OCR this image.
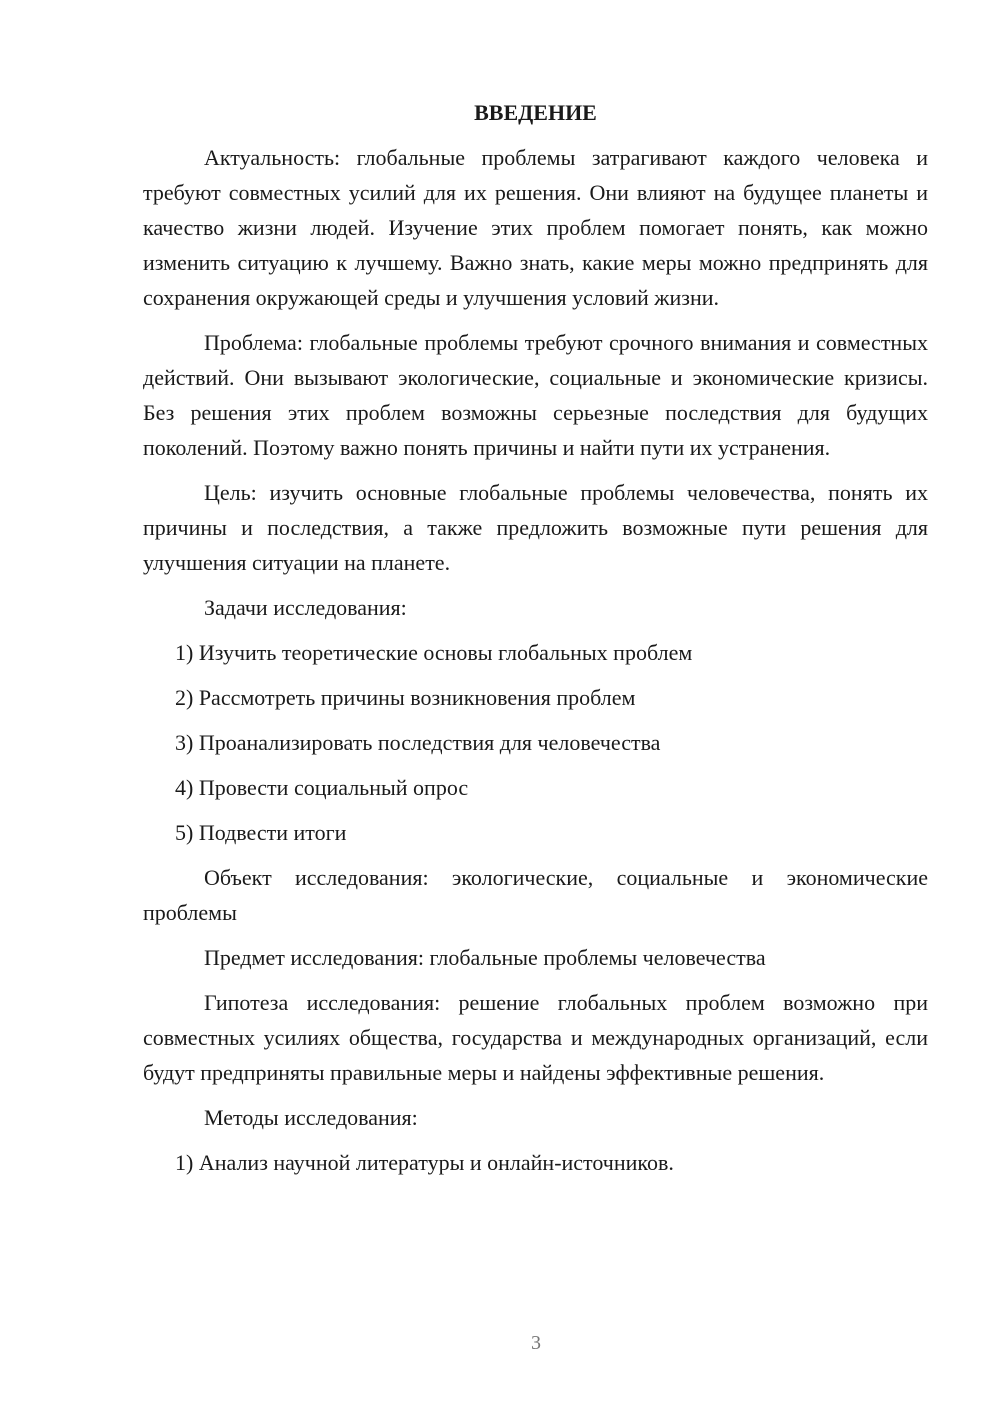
ВВЕДЕНИЕ

Актуальность: глобальные проблемы затрагивают каждого человека и требуют совместных усилий для их решения. Они влияют на будущее планеты и качество жизни людей. Изучение этих проблем помогает понять, как можно изменить ситуацию к лучшему. Важно знать, какие меры можно предпринять для сохранения окружающей среды и улучшения условий жизни.

Проблема: глобальные проблемы требуют срочного внимания и совместных действий. Они вызывают экологические, социальные и экономические кризисы. Без решения этих проблем возможны серьезные последствия для будущих поколений. Поэтому важно понять причины и найти пути их устранения.

Цель: изучить основные глобальные проблемы человечества, понять их причины и последствия, а также предложить возможные пути решения для улучшения ситуации на планете.

Задачи исследования:

1) Изучить теоретические основы глобальных проблем

2) Рассмотреть причины возникновения проблем

3) Проанализировать последствия для человечества

4) Провести социальный опрос

5) Подвести итоги

Объект исследования: экологические, социальные и экономические проблемы

Предмет исследования: глобальные проблемы человечества

Гипотеза исследования: решение глобальных проблем возможно при совместных усилиях общества, государства и международных организаций, если будут предприняты правильные меры и найдены эффективные решения.

Методы исследования:

1) Анализ научной литературы и онлайн-источников.

3
